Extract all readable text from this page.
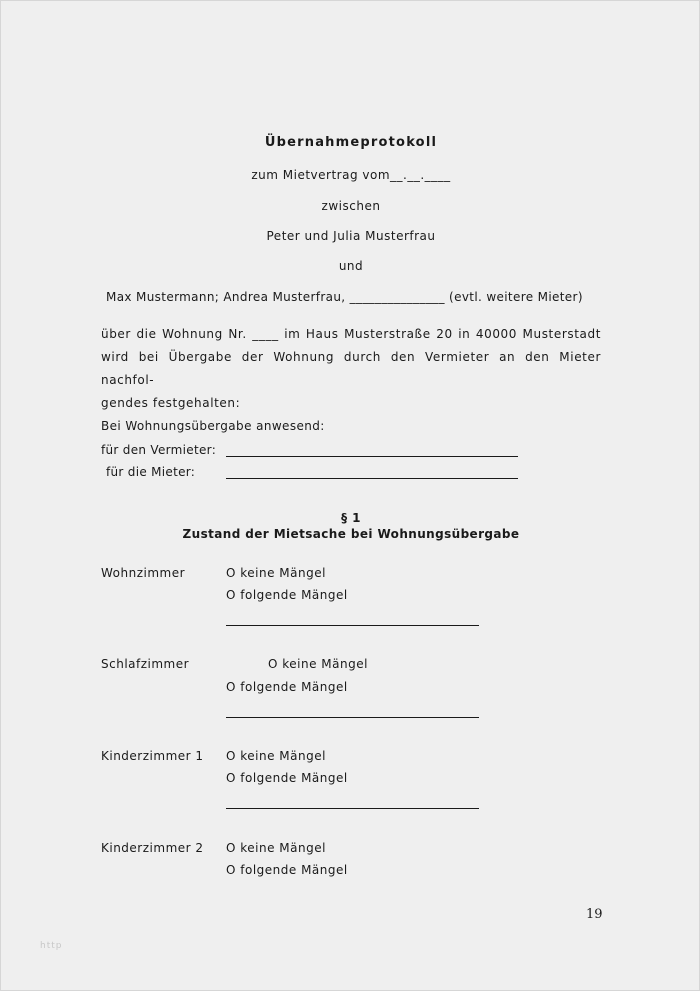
Übernahmeprotokoll
zum Mietvertrag vom__.__.____
zwischen
Peter und Julia Musterfrau
und
Max Mustermann; Andrea Musterfrau, _______________ (evtl. weitere Mieter)
über die Wohnung Nr. ____ im Haus Musterstraße 20 in 40000 Musterstadt
wird bei Übergabe der Wohnung durch den Vermieter an den Mieter nachfol-
gendes festgehalten:
Bei Wohnungsübergabe anwesend:
für den Vermieter:
für die Mieter:
§ 1
Zustand der Mietsache bei Wohnungsübergabe
Wohnzimmer	O keine Mängel
O folgende Mängel
Schlafzimmer	O keine Mängel
O folgende Mängel
Kinderzimmer 1 O keine Mängel
O folgende Mängel
Kinderzimmer 2 O keine Mängel
O folgende Mängel
19
http
